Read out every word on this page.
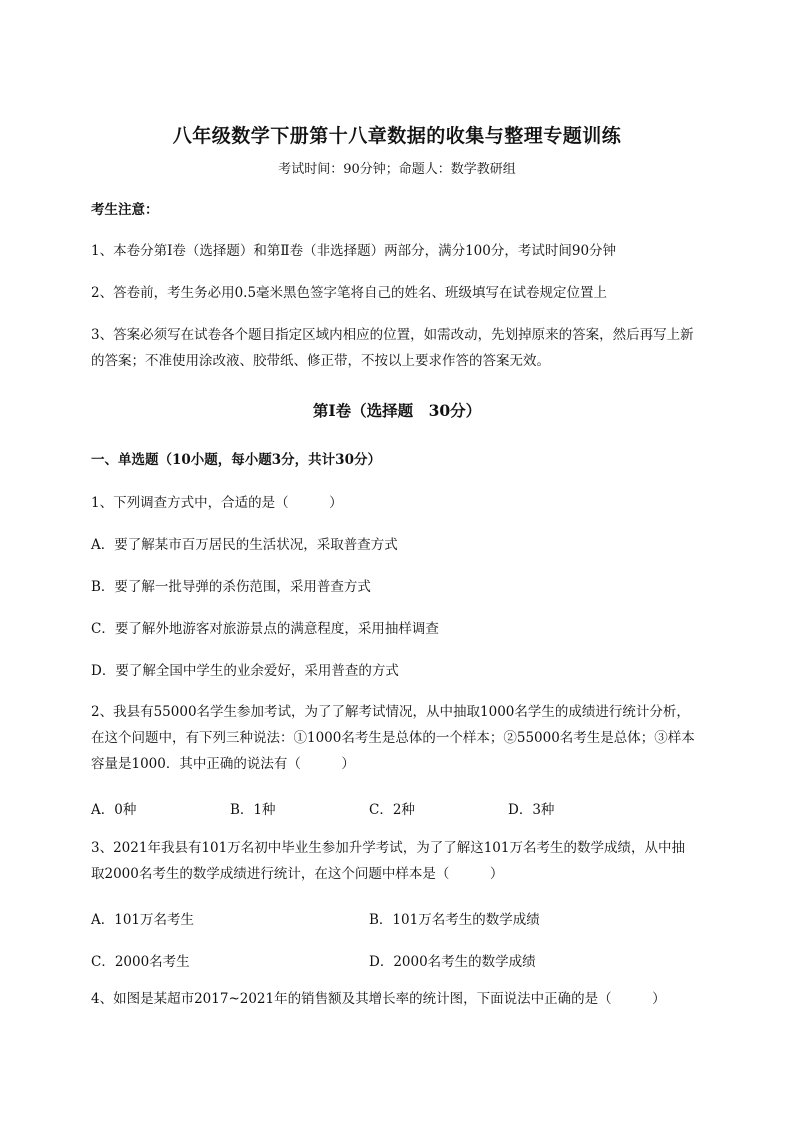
八年级数学下册第十八章数据的收集与整理专题训练
考试时间：90分钟；命题人：数学教研组
考生注意：
1、本卷分第Ⅰ卷（选择题）和第Ⅱ卷（非选择题）两部分，满分100分，考试时间90分钟
2、答卷前，考生务必用0.5毫米黑色签字笔将自己的姓名、班级填写在试卷规定位置上
3、答案必须写在试卷各个题目指定区域内相应的位置，如需改动，先划掉原来的答案，然后再写上新
的答案；不准使用涂改液、胶带纸、修正带，不按以上要求作答的答案无效。
第Ⅰ卷（选择题　30分）
一、单选题（10小题，每小题3分，共计30分）
1、下列调查方式中，合适的是（　　　）
A．要了解某市百万居民的生活状况，采取普查方式
B．要了解一批导弹的杀伤范围，采用普查方式
C．要了解外地游客对旅游景点的满意程度，采用抽样调查
D．要了解全国中学生的业余爱好，采用普查的方式
2、我县有55000名学生参加考试，为了了解考试情况，从中抽取1000名学生的成绩进行统计分析，
在这个问题中，有下列三种说法：①1000名考生是总体的一个样本；②55000名考生是总体；③样本
容量是1000．其中正确的说法有（　　　）
A．0种	B．1种	C．2种	D．3种
3、2021年我县有101万名初中毕业生参加升学考试，为了了解这101万名考生的数学成绩，从中抽
取2000名考生的数学成绩进行统计，在这个问题中样本是（　　　）
A．101万名考生	B．101万名考生的数学成绩
C．2000名考生	D．2000名考生的数学成绩
4、如图是某超市2017~2021年的销售额及其增长率的统计图，下面说法中正确的是（　　　）
